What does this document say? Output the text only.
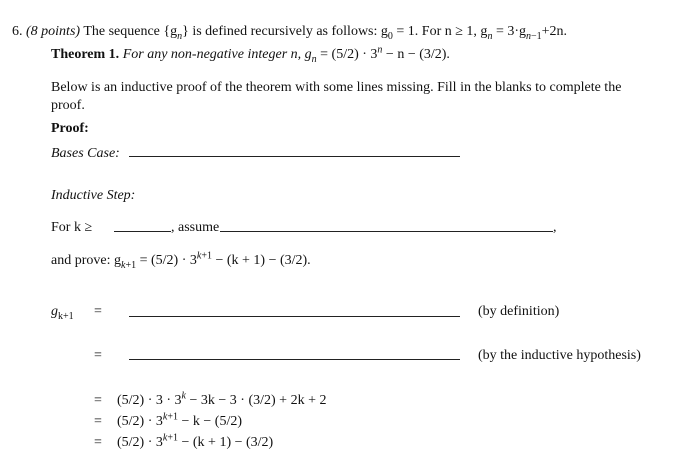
6. (8 points) The sequence $\{g_n\}$ is defined recursively as follows: $g_0 = 1$. For n ≥ 1, $g_n = 3\cdot g_{n-1}+2n$.
Theorem 1. For any non-negative integer n, $g_n = (5/2) \cdot 3^n - n - (3/2)$.
Below is an inductive proof of the theorem with some lines missing. Fill in the blanks to complete the
proof.
Proof:
Bases Case:
Inductive Step:
For k ≥	, assume	,
and prove: $g_{k+1} = (5/2) \cdot 3^{k+1} - (k + 1) - (3/2)$.
$g_{k+1}$ =	(by definition)
=	(by the inductive hypothesis)
= $(5/2) \cdot 3 \cdot 3^k - 3k - 3 \cdot (3/2) + 2k + 2$
= $(5/2) \cdot 3^{k+1} - k - (5/2)$
= $(5/2) \cdot 3^{k+1} - (k + 1) - (3/2)$
